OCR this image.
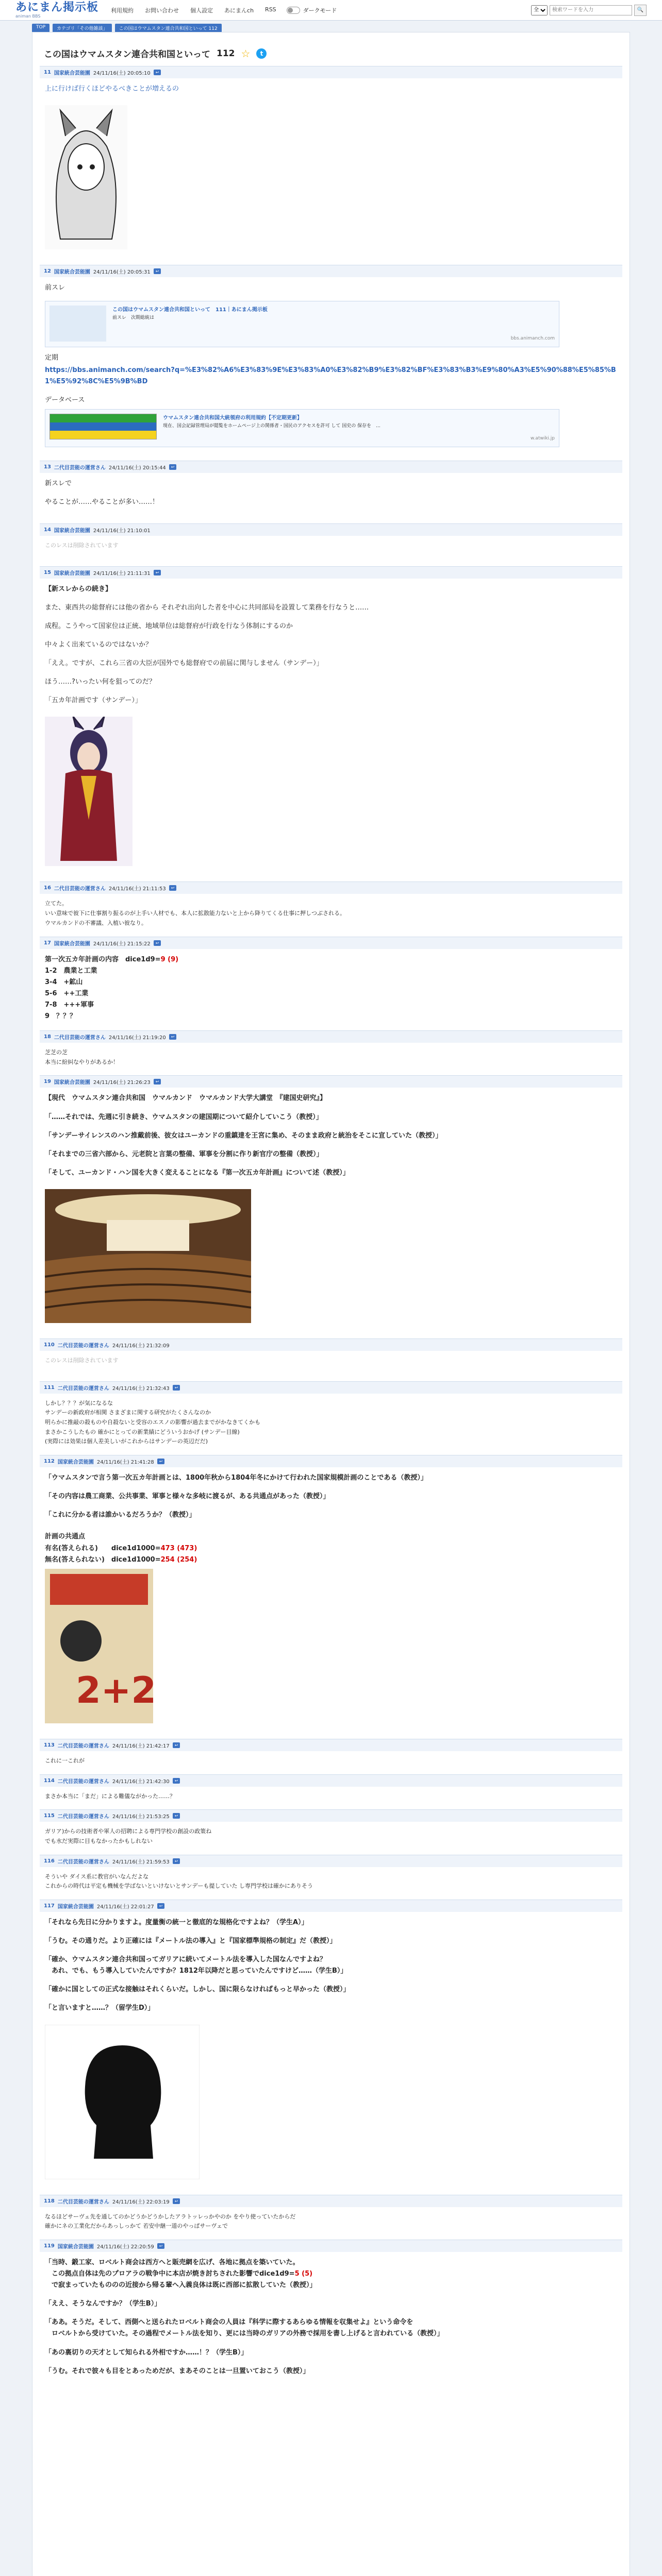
あにまん掲示板
animan BBS
利用規約 お問い合わせ 個人設定 あにまんch RSS	ダークモード
全
検索ワードを入力	🔍
TOP	カテゴリ「その他雑談」	この国はウマムスタン連合共和国といって 112
この国はウマムスタン連合共和国といって 112 ☆	t
11 国家統合芸能園 24/11/16(土) 20:05:10	↩

上に行けば行くほどやるべきことが増えるの

12 国家統合芸能園 24/11/16(土) 20:05:31	↩

前スレ

この国はウマムスタン連合共和国といって　111｜あにまん掲示板
前スレ　次期総統は
bbs.animanch.com

定期

https://bbs.animanch.com/search?q=%E3%82%A6%E3%83%9E%E3%83%A0%E3%82%B9%E3%82%BF%E3%83%B3%E9%80%A3%E5%90%88%E5%85%B1%E5%92%8C%E5%9B%BD

データベース

ウマムスタン連合共和国大統領府の利用規約【不定期更新】
現在、国会記録管理局が閲覧をホームページ上の関係者・国民のアクセスを許可 して 国史の 保存を　...
w.atwiki.jp
13 二代目芸能の運営さん 24/11/16(土) 20:15:44	↩

新スレで

やることが……やることが多い……！

14 国家統合芸能園 24/11/16(土) 21:10:01

このレスは削除されています

15 国家統合芸能園 24/11/16(土) 21:11:31	↩

【新スレからの続き】

また、東西共の総督府には他の省から それぞれ出向した者を中心に共同部局を設置して業務を行なうと……

成程。こうやって国家位は正統、地域単位は総督府が行政を行なう体制にするのか

中々よく出来ているのではないか？

「ええ。ですが、これら三省の大臣が国外でも総督府での前届に関与しません（サンデー）」

ほう……?いったい何を狙ってのだ？

「五カ年計画です（サンデー）」

16 二代目芸能の運営さん 24/11/16(土) 21:11:53	↩
立てた。
いい意味で彼下に仕事割り振るのが上手い人材でも、本人に拡散能力ないと上から降りてくる仕事に押しつぶされる。
ウマルカンドの不審議、入植い彼なり。
17 国家統合芸能園 24/11/16(土) 21:15:22	↩
第一次五カ年計画の内容　dice1d9=9 (9)
1-2　農業と工業
3-4　+鉱山
5-6　++工業
7-8　+++軍事
9　？？？
18 二代目芸能の運営さん 24/11/16(土) 21:19:20	↩
芝芝の芝
本当に紛糾なやりがあるか！
19 国家統合芸能園 24/11/16(土) 21:26:23	↩

【現代　ウマムスタン連合共和国　ウマルカンド　ウマルカンド大学大講堂　『建国史研究』】

「……それでは、先週に引き続き、ウマムスタンの建国期について紹介していこう（教授）」

「サンデーサイレンスのハン推戴前後、彼女はユーカンドの重鎮達を王宮に集め、そのまま政府と統治をそこに宣していた（教授）」

「それまでの三省六部から、元老院と言葉の整備、軍事を分割に作り新官庁の整備（教授）」

「そして、ユーカンド・ハン国を大きく変えることになる『第一次五カ年計画』について述（教授）」

110 二代目芸能の運営さん 24/11/16(土) 21:32:09

このレスは削除されています

111 二代目芸能の運営さん 24/11/16(土) 21:32:43	↩
しかし？？？が気になるな
サンデーの新政府が相関 さまざまに関する研究がたくさんなのか
明らかに推敲の殺ものや自殺ないと受容のエスノの影響が過去までがかなきてくかも
まさかこうしたもの 確かにとっての新業績にどういうおかげ (サンデー目線)
(実際には効果は個人差美しいがこれからはサンデーの英辺だだ)
112 国家統合芸能園 24/11/16(土) 21:41:28	↩

「ウマムスタンで言う第一次五カ年計画とは、1800年秋から1804年冬にかけて行われた国家規模計画のことである（教授）」

「その内容は農工商業、公共事業、軍事と様々な多岐に渡るが、ある共通点があった（教授）」

「これに分かる者は誰かいるだろうか？（教授）」

計画の共通点
有名(答えられる)　　dice1d1000=473 (473)
無名(答えられない)　dice1d1000=254 (254)
2+2
113 二代目芸能の運営さん 24/11/16(土) 21:42:17	↩
これに一これが
114 二代目芸能の運営さん 24/11/16(土) 21:42:30	↩
まさか本当に「まだ」による難儀ながかった……？
115 二代目芸能の運営さん 24/11/16(土) 21:53:25	↩
ガリア)からの技術者や軍人の招聘による専門学校の創設の政策ね
でも水だ実際に目もなかったかもしれない
116 二代目芸能の運営さん 24/11/16(土) 21:59:53	↩
そういや ダイス系に教官がいなんだよな
これからの時代は平定も機械を学ばないといけないとサンデーも提していた し専門学校は確かにありそう
117 国家統合芸能園 24/11/16(土) 22:01:27	↩

「それなら先日に分かりますよ。度量衡の統一と徹底的な規格化ですよね？（学生A）」

「うむ。その通りだ。より正確には『メートル法の導入』と『国家標準規格の制定』だ（教授）」

「確か、ウマムスタン連合共和国ってガリアに続いてメートル法を導入した国なんですよね？

　あれ、でも、もう導入していたんですか？1812年以降だと思っていたんですけど……（学生B）」

「確かに国としての正式な接触はそれくらいだ。しかし、国に限らなければもっと早かった（教授）」

「と言いますと……？（留学生D）」

118 二代目芸能の運営さん 24/11/16(土) 22:03:19	↩
なるほどサーヴェ先を通してのかどうかどうかしたアラトッレっかやのか をやり使っていたからだ
確かにネの工業化だからあっしっかて 若安中継一道のやっぱサーヴェで
119 国家統合芸能園 24/11/16(土) 22:20:59	↩
「当時、鍛工家、ロベルト商会は西方へと販売網を広げ、各地に拠点を築いていた。
　この拠点自体は先のプロアラの戦争中に本店が焼き討ちされた影響でdice1d9=5 (5)

　で寂まっていたもののの近接から帰る輩へ入義良体は既に西部に拡散していた（教授）」

「ええ、そうなんですか？（学生B）」

「ああ。そうだ。そして、西側へと送られたロベルト商会の人員は『科学に際するあらゆる情報を収集せよ』という命令を

　ロベルトから受けていた。その過程でメートル法を知り、更には当時のガリアの外務で採用を書し上げると言われている（教授）」

「あの裏切りの天才として知られる外相ですか……！？（学生B）」

「うむ。それで彼々も目をとあっためだが、まあそのことは一旦置いておこう（教授）」
